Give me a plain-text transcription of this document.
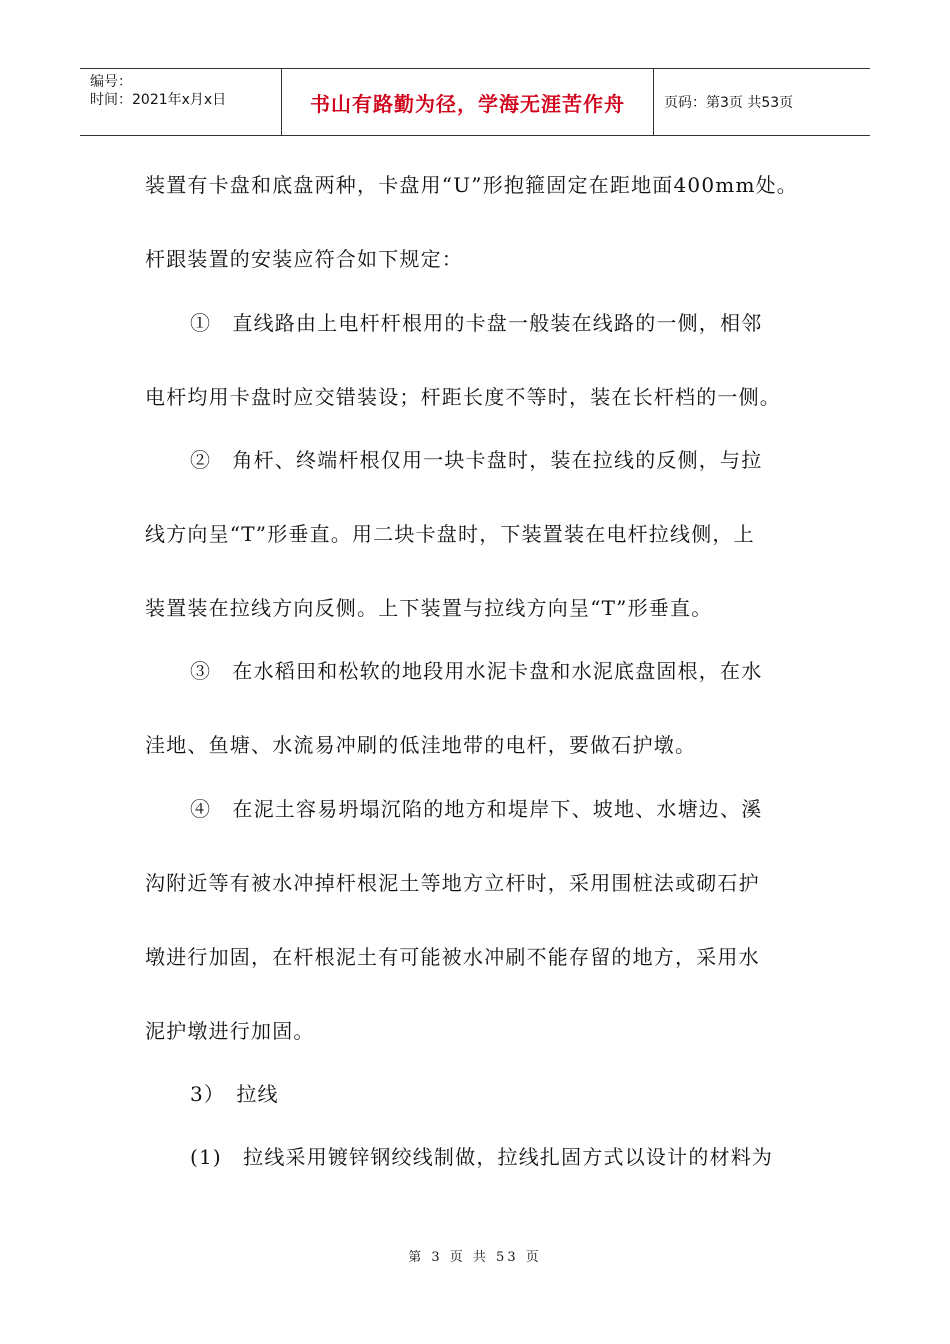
编号：
时间：2021年x月x日	书山有路勤为径，学海无涯苦作舟	页码：第3页 共53页
装置有卡盘和底盘两种，卡盘用“U”形抱箍固定在距地面400mm处。
杆跟装置的安装应符合如下规定：
①　直线路由上电杆杆根用的卡盘一般装在线路的一侧，相邻
电杆均用卡盘时应交错装设；杆距长度不等时，装在长杆档的一侧。
②　角杆、终端杆根仅用一块卡盘时，装在拉线的反侧，与拉
线方向呈“T”形垂直。用二块卡盘时，下装置装在电杆拉线侧，上
装置装在拉线方向反侧。上下装置与拉线方向呈“T”形垂直。
③　在水稻田和松软的地段用水泥卡盘和水泥底盘固根，在水
洼地、鱼塘、水流易冲刷的低洼地带的电杆，要做石护墩。
④　在泥土容易坍塌沉陷的地方和堤岸下、坡地、水塘边、溪
沟附近等有被水冲掉杆根泥土等地方立杆时，采用围桩法或砌石护
墩进行加固，在杆根泥土有可能被水冲刷不能存留的地方，采用水
泥护墩进行加固。
3）　拉线
(1)　拉线采用镀锌钢绞线制做，拉线扎固方式以设计的材料为
第 3 页 共 53 页
